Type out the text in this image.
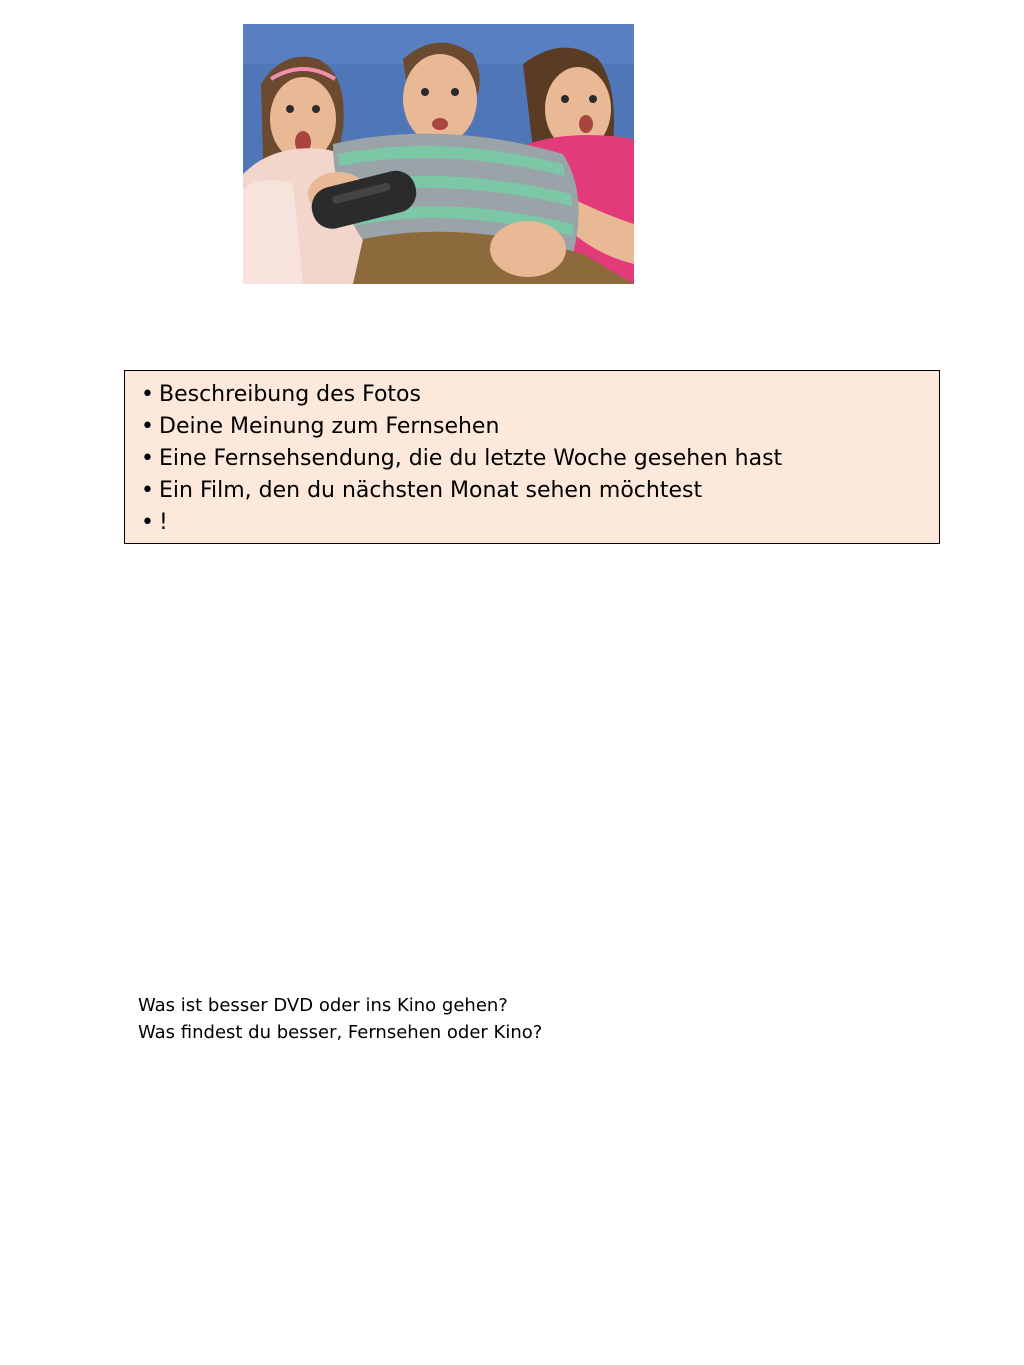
• Beschreibung des Fotos
• Deine Meinung zum Fernsehen
• Eine Fernsehsendung, die du letzte Woche gesehen hast
• Ein Film, den du nächsten Monat sehen möchtest
• !
Was ist besser DVD oder ins Kino gehen?
Was findest du besser, Fernsehen oder Kino?
